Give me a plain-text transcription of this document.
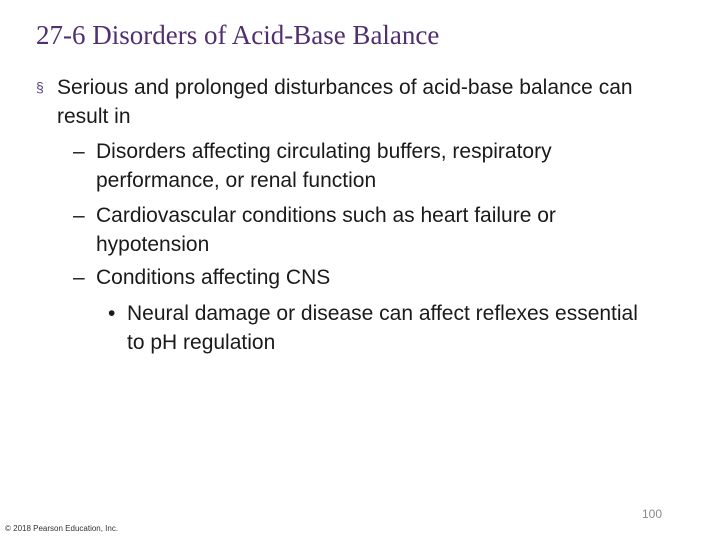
27-6 Disorders of Acid-Base Balance
§ Serious and prolonged disturbances of acid-base balance can result in
– Disorders affecting circulating buffers, respiratory performance, or renal function
– Cardiovascular conditions such as heart failure or hypotension
– Conditions affecting CNS
• Neural damage or disease can affect reflexes essential to pH regulation
100
© 2018 Pearson Education, Inc.
